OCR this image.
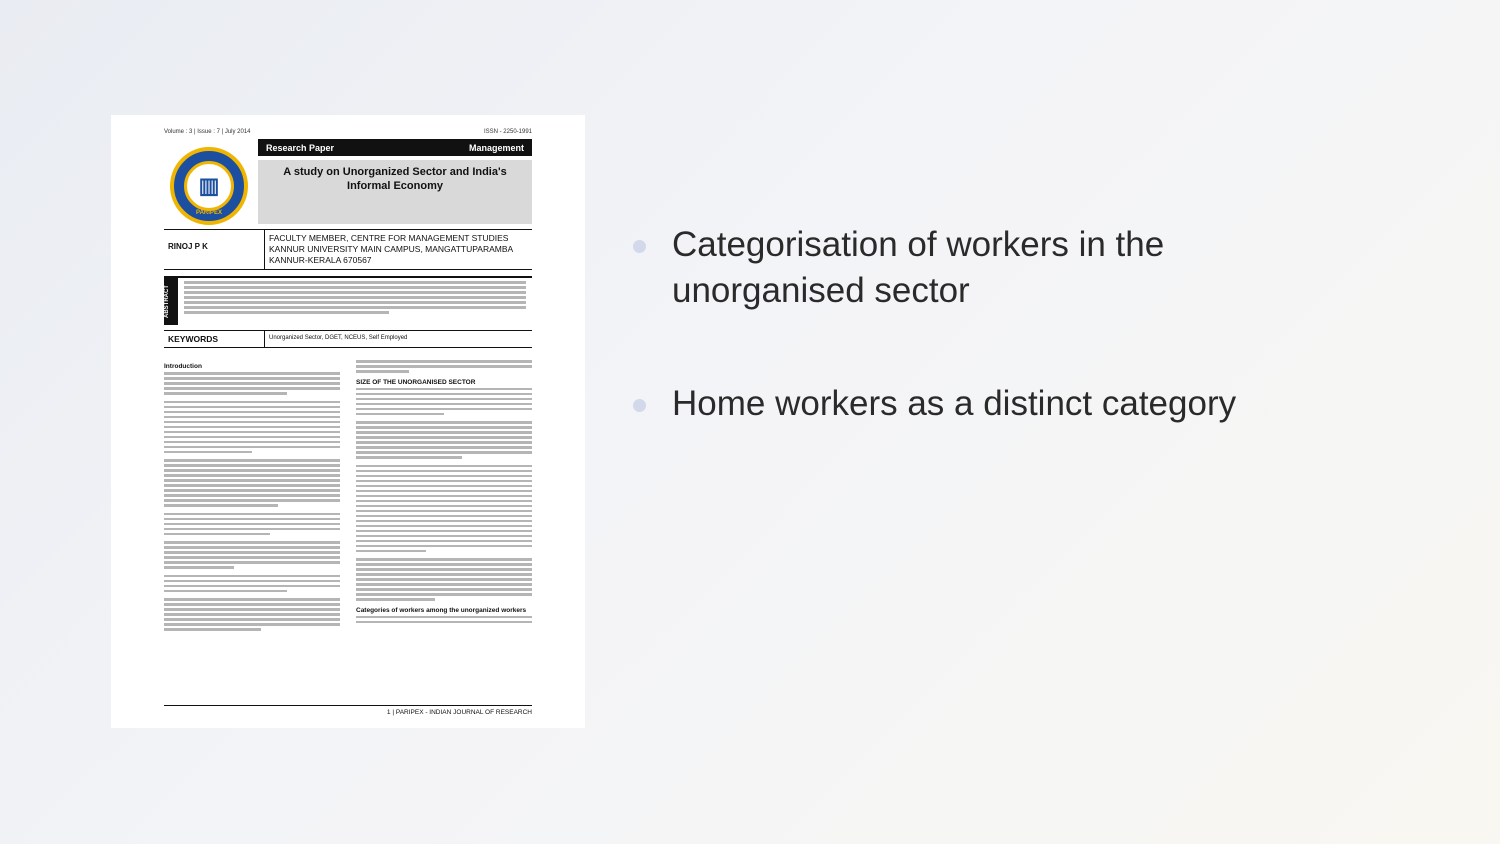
Volume : 3 | Issue : 7 | July 2014	ISSN - 2250-1991
▥
PARIPEX
Research Paper	Management
A study on Unorganized Sector and India's Informal Economy
RINOJ P K
FACULTY MEMBER, CENTRE FOR MANAGEMENT STUDIES KANNUR UNIVERSITY MAIN CAMPUS, MANGATTUPARAMBA KANNUR-KERALA 670567
ABSTRACT
KEYWORDS	Unorganized Sector, DGET, NCEUS, Self Employed
Introduction
SIZE OF THE UNORGANISED SECTOR
Categories of workers among the unorganized workers
1 | PARIPEX - INDIAN JOURNAL OF RESEARCH
Categorisation of workers in the unorganised sector
Home workers as a distinct category
